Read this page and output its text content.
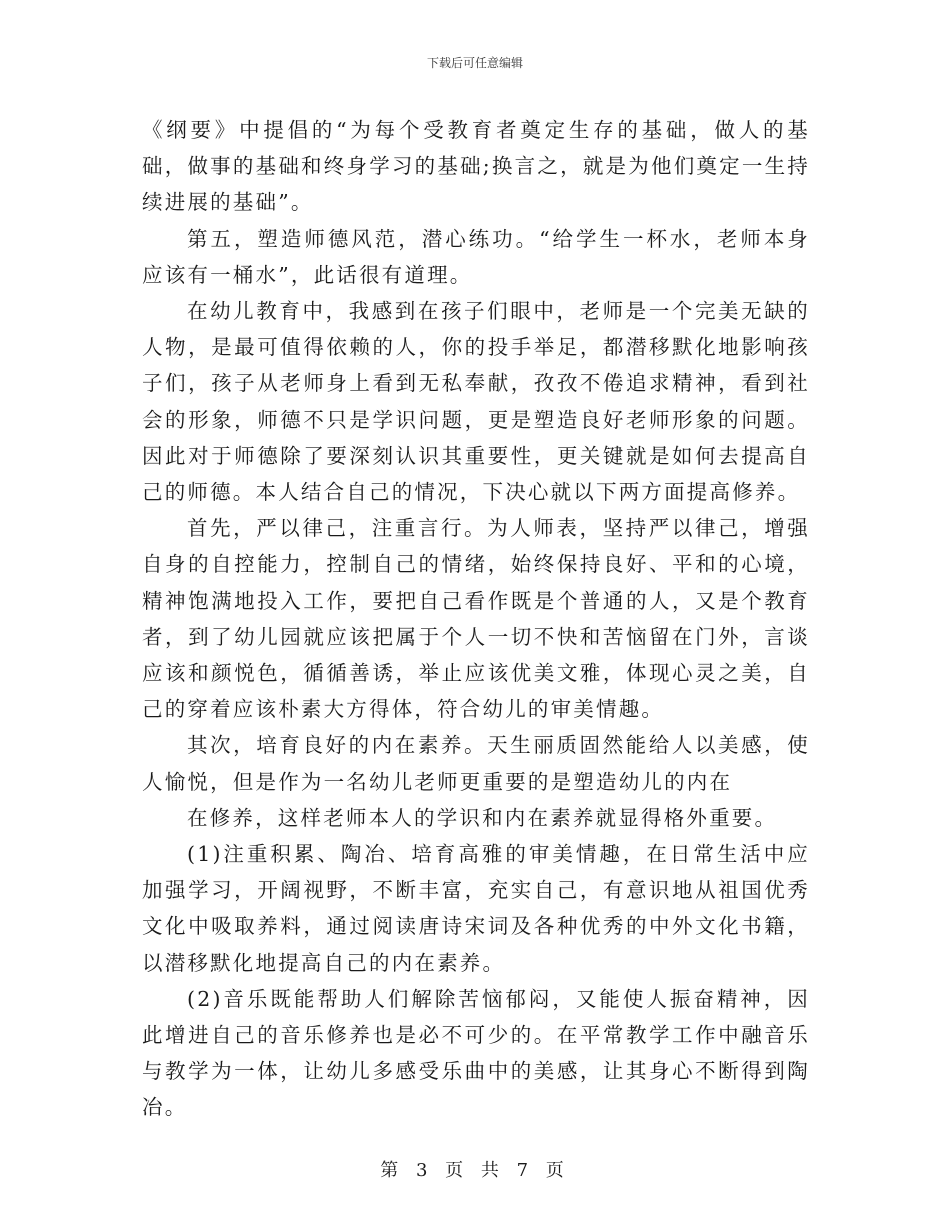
下载后可任意编辑

《纲要》中提倡的“为每个受教育者奠定生存的基础，做人的基础，做事的基础和终身学习的基础;换言之，就是为他们奠定一生持续进展的基础”。

第五，塑造师德风范，潜心练功。“给学生一杯水，老师本身应该有一桶水”，此话很有道理。

在幼儿教育中，我感到在孩子们眼中，老师是一个完美无缺的人物，是最可值得依赖的人，你的投手举足，都潜移默化地影响孩子们，孩子从老师身上看到无私奉献，孜孜不倦追求精神，看到社会的形象，师德不只是学识问题，更是塑造良好老师形象的问题。因此对于师德除了要深刻认识其重要性，更关键就是如何去提高自己的师德。本人结合自己的情况，下决心就以下两方面提高修养。

首先，严以律己，注重言行。为人师表，坚持严以律己，增强自身的自控能力，控制自己的情绪，始终保持良好、平和的心境，精神饱满地投入工作，要把自己看作既是个普通的人，又是个教育者，到了幼儿园就应该把属于个人一切不快和苦恼留在门外，言谈应该和颜悦色，循循善诱，举止应该优美文雅，体现心灵之美，自己的穿着应该朴素大方得体，符合幼儿的审美情趣。

其次，培育良好的内在素养。天生丽质固然能给人以美感，使人愉悦，但是作为一名幼儿老师更重要的是塑造幼儿的内在

在修养，这样老师本人的学识和内在素养就显得格外重要。

(1)注重积累、陶冶、培育高雅的审美情趣，在日常生活中应加强学习，开阔视野，不断丰富，充实自己，有意识地从祖国优秀文化中吸取养料，通过阅读唐诗宋词及各种优秀的中外文化书籍，以潜移默化地提高自己的内在素养。

(2)音乐既能帮助人们解除苦恼郁闷，又能使人振奋精神，因此增进自己的音乐修养也是必不可少的。在平常教学工作中融音乐与教学为一体，让幼儿多感受乐曲中的美感，让其身心不断得到陶冶。

第 3 页 共 7 页
